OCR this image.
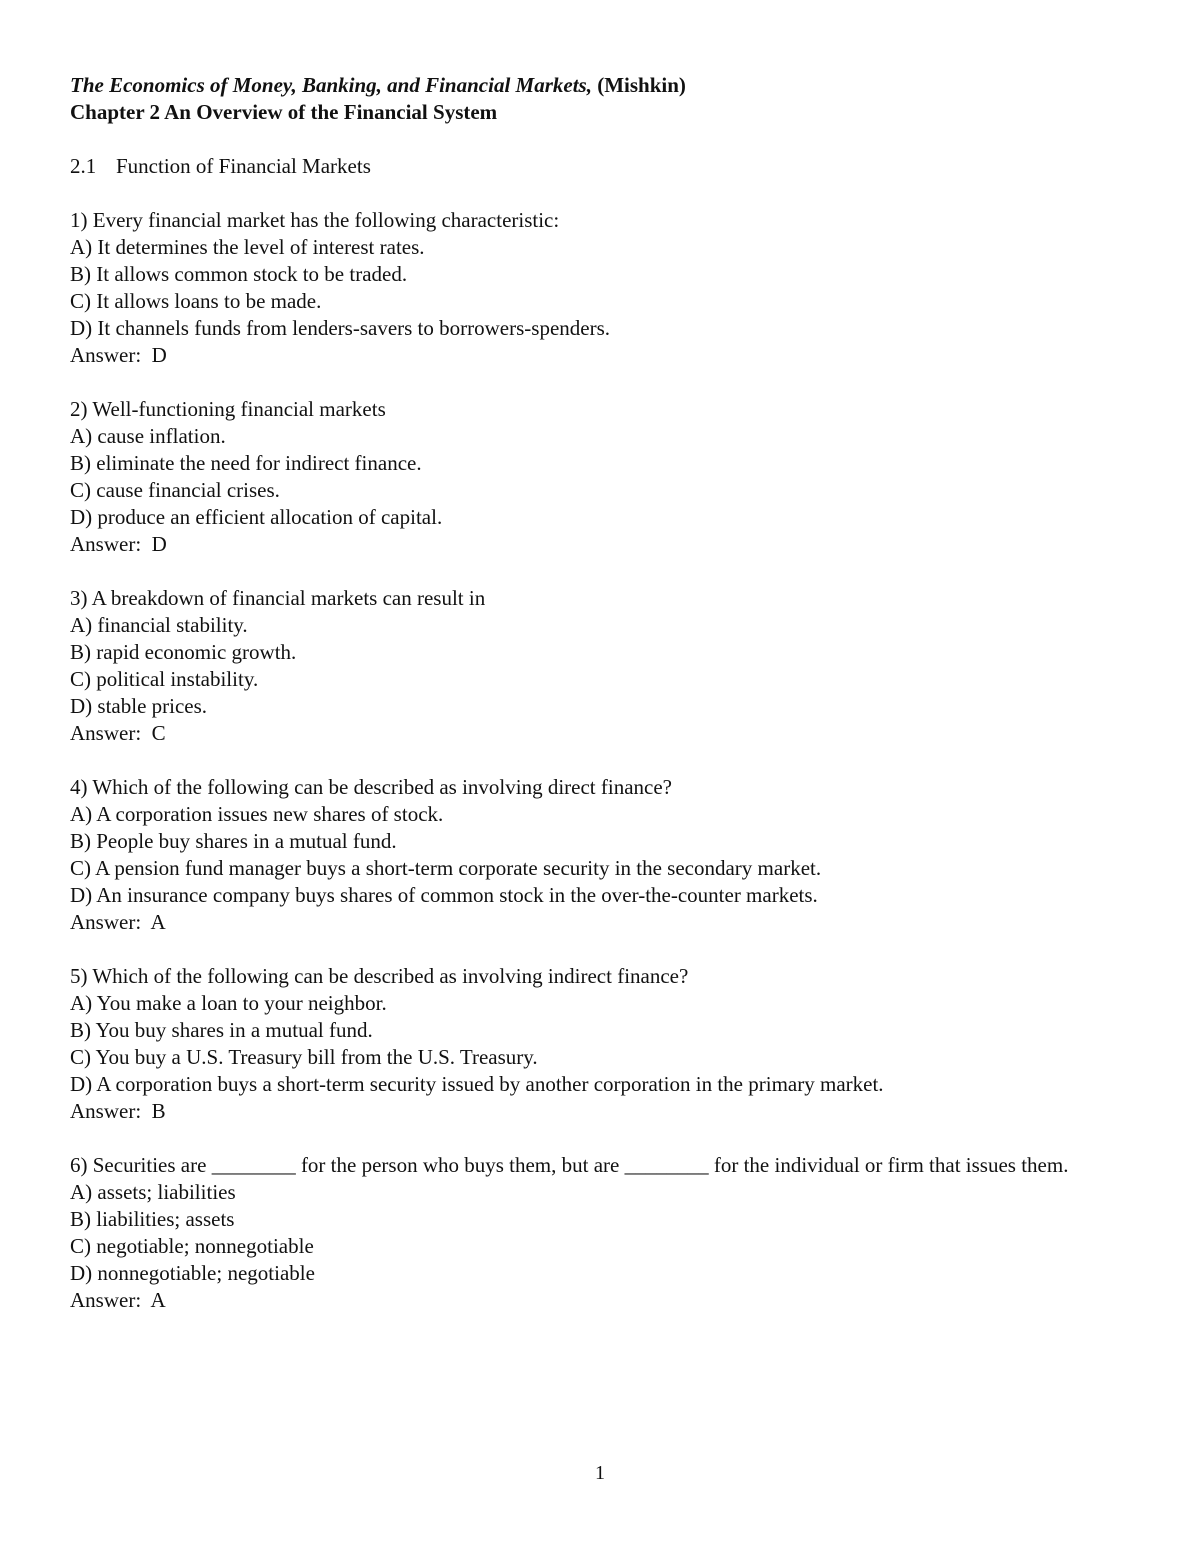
The Economics of Money, Banking, and Financial Markets, (Mishkin)
Chapter 2 An Overview of the Financial System
2.1 Function of Financial Markets
1) Every financial market has the following characteristic:
A) It determines the level of interest rates.
B) It allows common stock to be traded.
C) It allows loans to be made.
D) It channels funds from lenders-savers to borrowers-spenders.
Answer:  D
2) Well-functioning financial markets
A) cause inflation.
B) eliminate the need for indirect finance.
C) cause financial crises.
D) produce an efficient allocation of capital.
Answer:  D
3) A breakdown of financial markets can result in
A) financial stability.
B) rapid economic growth.
C) political instability.
D) stable prices.
Answer:  C
4) Which of the following can be described as involving direct finance?
A) A corporation issues new shares of stock.
B) People buy shares in a mutual fund.
C) A pension fund manager buys a short-term corporate security in the secondary market.
D) An insurance company buys shares of common stock in the over-the-counter markets.
Answer:  A
5) Which of the following can be described as involving indirect finance?
A) You make a loan to your neighbor.
B) You buy shares in a mutual fund.
C) You buy a U.S. Treasury bill from the U.S. Treasury.
D) A corporation buys a short-term security issued by another corporation in the primary market.
Answer:  B
6) Securities are ________ for the person who buys them, but are ________ for the individual or firm that issues them.
A) assets; liabilities
B) liabilities; assets
C) negotiable; nonnegotiable
D) nonnegotiable; negotiable
Answer:  A
1
